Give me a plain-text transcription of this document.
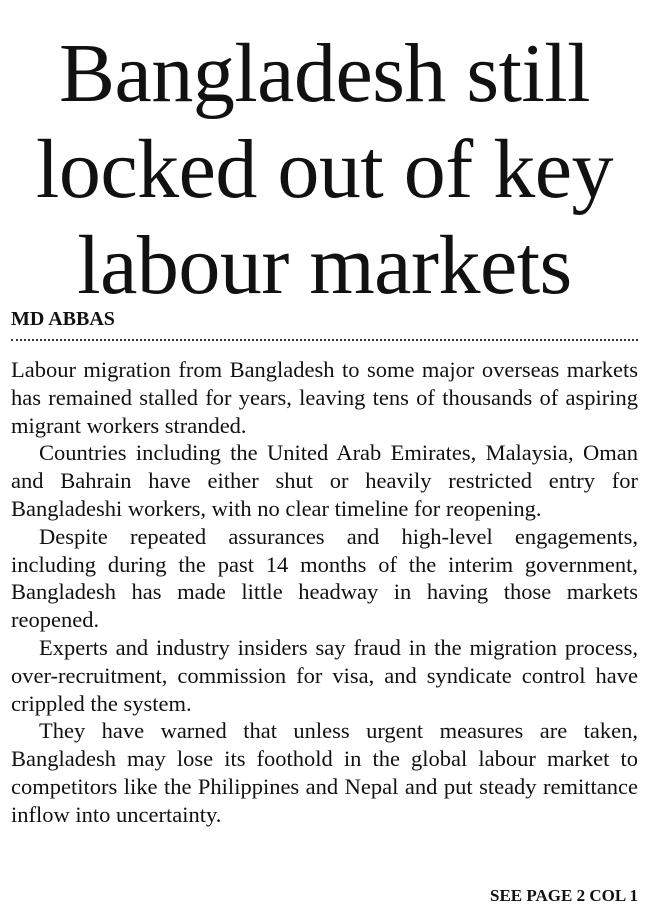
Bangladesh still
locked out of key
labour markets
MD ABBAS

Labour migration from Bangladesh to some major overseas markets has remained stalled for years, leaving tens of thousands of aspiring migrant workers stranded.

Countries including the United Arab Emirates, Malaysia, Oman and Bahrain have either shut or heavily restricted entry for Bangladeshi workers, with no clear timeline for reopening.

Despite repeated assurances and high-level engagements, including during the past 14 months of the interim government, Bangladesh has made little headway in having those markets reopened.

Experts and industry insiders say fraud in the migration process, over-recruitment, commission for visa, and syndicate control have crippled the system.

They have warned that unless urgent measures are taken, Bangladesh may lose its foothold in the global labour market to competitors like the Philippines and Nepal and put steady remittance inflow into uncertainty.

SEE PAGE 2 COL 1
